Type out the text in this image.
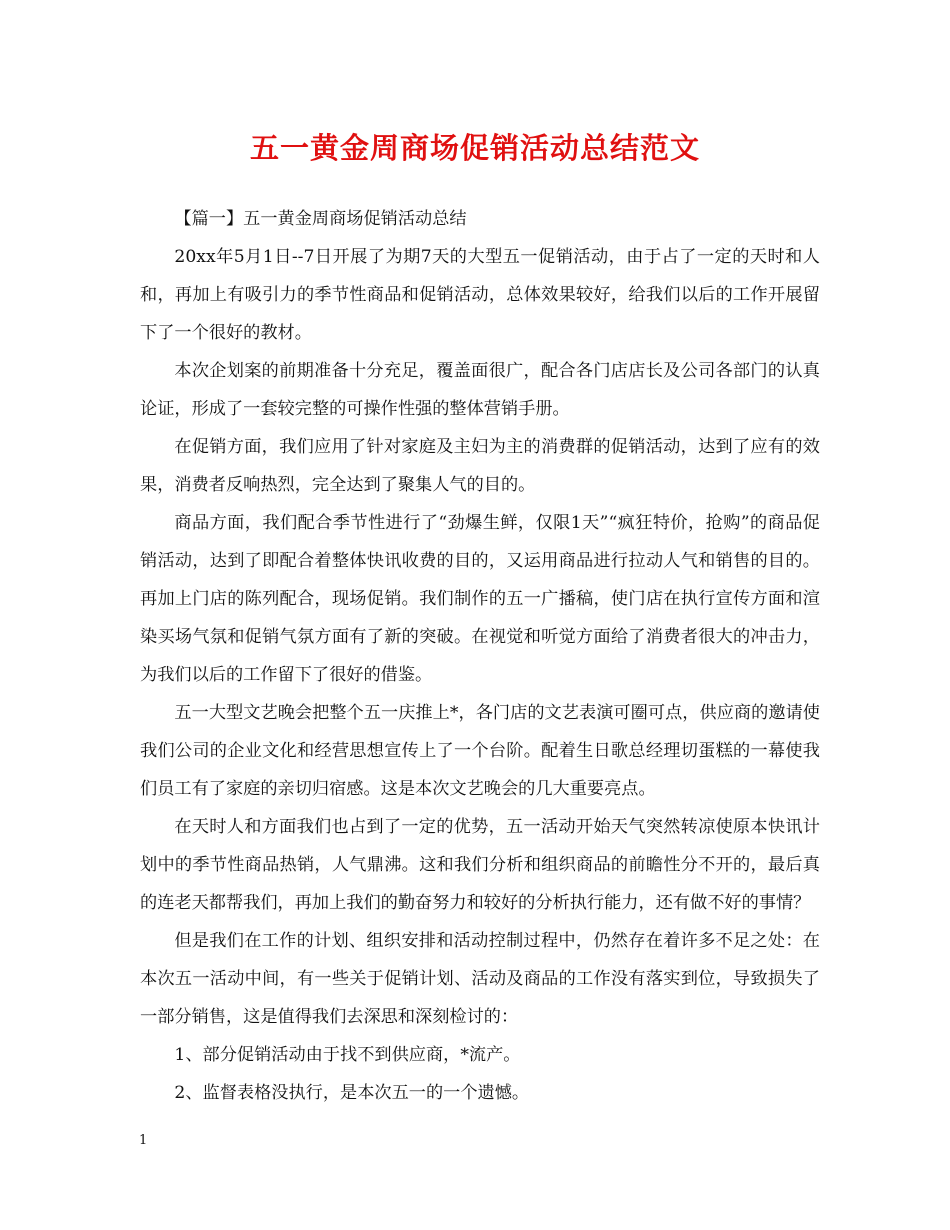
五一黄金周商场促销活动总结范文

【篇一】五一黄金周商场促销活动总结

20xx年5月1日--7日开展了为期7天的大型五一促销活动，由于占了一定的天时和人和，再加上有吸引力的季节性商品和促销活动，总体效果较好，给我们以后的工作开展留下了一个很好的教材。

本次企划案的前期准备十分充足，覆盖面很广，配合各门店店长及公司各部门的认真论证，形成了一套较完整的可操作性强的整体营销手册。

在促销方面，我们应用了针对家庭及主妇为主的消费群的促销活动，达到了应有的效果，消费者反响热烈，完全达到了聚集人气的目的。

商品方面，我们配合季节性进行了“劲爆生鲜，仅限1天”“疯狂特价，抢购”的商品促销活动，达到了即配合着整体快讯收费的目的，又运用商品进行拉动人气和销售的目的。再加上门店的陈列配合，现场促销。我们制作的五一广播稿，使门店在执行宣传方面和渲染买场气氛和促销气氛方面有了新的突破。在视觉和听觉方面给了消费者很大的冲击力，为我们以后的工作留下了很好的借鉴。

五一大型文艺晚会把整个五一庆推上*，各门店的文艺表演可圈可点，供应商的邀请使我们公司的企业文化和经营思想宣传上了一个台阶。配着生日歌总经理切蛋糕的一幕使我们员工有了家庭的亲切归宿感。这是本次文艺晚会的几大重要亮点。

在天时人和方面我们也占到了一定的优势，五一活动开始天气突然转凉使原本快讯计划中的季节性商品热销，人气鼎沸。这和我们分析和组织商品的前瞻性分不开的，最后真的连老天都帮我们，再加上我们的勤奋努力和较好的分析执行能力，还有做不好的事情？

但是我们在工作的计划、组织安排和活动控制过程中，仍然存在着许多不足之处：在本次五一活动中间，有一些关于促销计划、活动及商品的工作没有落实到位，导致损失了一部分销售，这是值得我们去深思和深刻检讨的：

1、部分促销活动由于找不到供应商，*流产。

2、监督表格没执行，是本次五一的一个遗憾。

1
